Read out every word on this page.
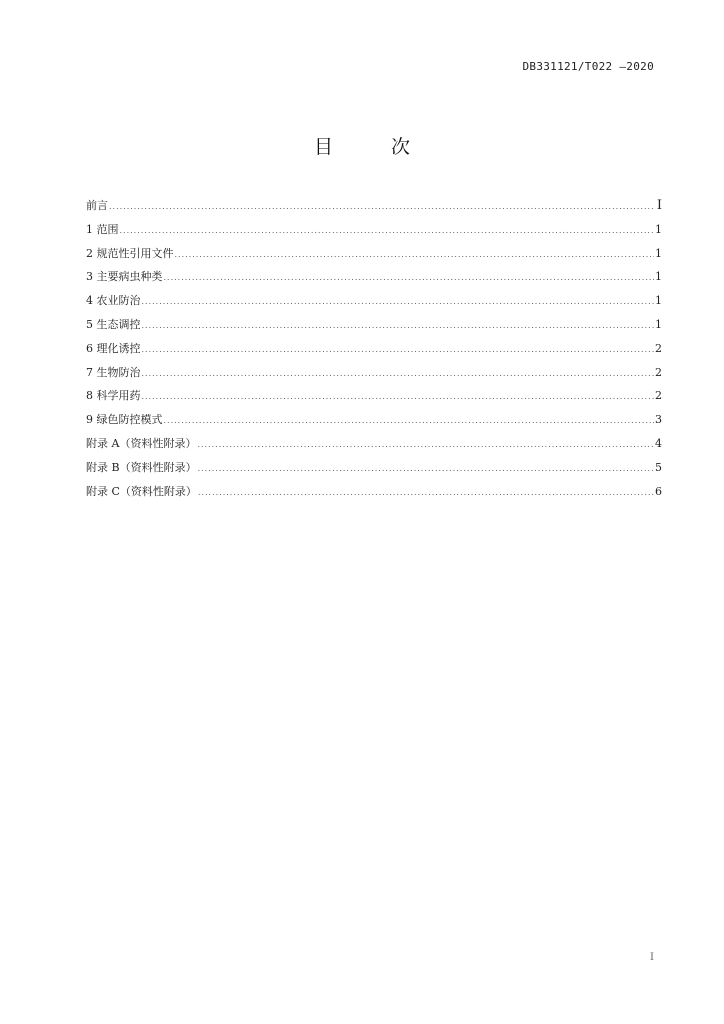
DB331121/T022 —2020
目 次
前言 .....	Ⅰ
1 范围 .....	1
2 规范性引用文件 .....	1
3 主要病虫种类 .....	1
4 农业防治 .....	1
5 生态调控 .....	1
6 理化诱控 .....	2
7 生物防治 .....	2
8 科学用药 .....	2
9 绿色防控模式 .....	3
附录 A（资料性附录） .....	4
附录 B（资料性附录） .....	5
附录 C（资料性附录） .....	6
Ⅰ
